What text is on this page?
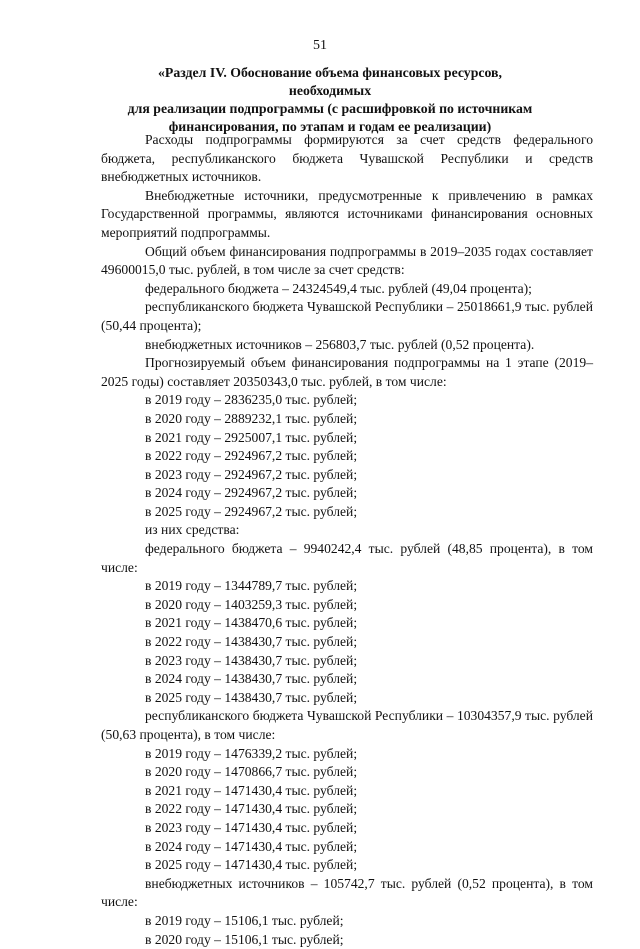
51
«Раздел IV. Обоснование объема финансовых ресурсов, необходимых
для реализации подпрограммы (с расшифровкой по источникам
финансирования, по этапам и годам ее реализации)

Расходы подпрограммы формируются за счет средств федерального бюджета, республиканского бюджета Чувашской Республики и средств внебюджетных источников.

Внебюджетные источники, предусмотренные к привлечению в рамках Государственной программы, являются источниками финансирования основных мероприятий подпрограммы.

Общий объем финансирования подпрограммы в 2019–2035 годах составляет 49600015,0 тыс. рублей, в том числе за счет средств:

федерального бюджета – 24324549,4 тыс. рублей (49,04 процента);

республиканского бюджета Чувашской Республики – 25018661,9 тыс. рублей (50,44 процента);

внебюджетных источников – 256803,7 тыс. рублей (0,52 процента).

Прогнозируемый объем финансирования подпрограммы на 1 этапе (2019–2025 годы) составляет 20350343,0 тыс. рублей, в том числе:

в 2019 году – 2836235,0 тыс. рублей;

в 2020 году – 2889232,1 тыс. рублей;

в 2021 году – 2925007,1 тыс. рублей;

в 2022 году – 2924967,2 тыс. рублей;

в 2023 году – 2924967,2 тыс. рублей;

в 2024 году – 2924967,2 тыс. рублей;

в 2025 году – 2924967,2 тыс. рублей;

из них средства:

федерального бюджета – 9940242,4 тыс. рублей (48,85 процента), в том числе:

в 2019 году – 1344789,7 тыс. рублей;

в 2020 году – 1403259,3 тыс. рублей;

в 2021 году – 1438470,6 тыс. рублей;

в 2022 году – 1438430,7 тыс. рублей;

в 2023 году – 1438430,7 тыс. рублей;

в 2024 году – 1438430,7 тыс. рублей;

в 2025 году – 1438430,7 тыс. рублей;

республиканского бюджета Чувашской Республики – 10304357,9 тыс. рублей (50,63 процента), в том числе:

в 2019 году – 1476339,2 тыс. рублей;

в 2020 году – 1470866,7 тыс. рублей;

в 2021 году – 1471430,4 тыс. рублей;

в 2022 году – 1471430,4 тыс. рублей;

в 2023 году – 1471430,4 тыс. рублей;

в 2024 году – 1471430,4 тыс. рублей;

в 2025 году – 1471430,4 тыс. рублей;

внебюджетных источников – 105742,7 тыс. рублей (0,52 процента), в том числе:

в 2019 году – 15106,1 тыс. рублей;

в 2020 году – 15106,1 тыс. рублей;
